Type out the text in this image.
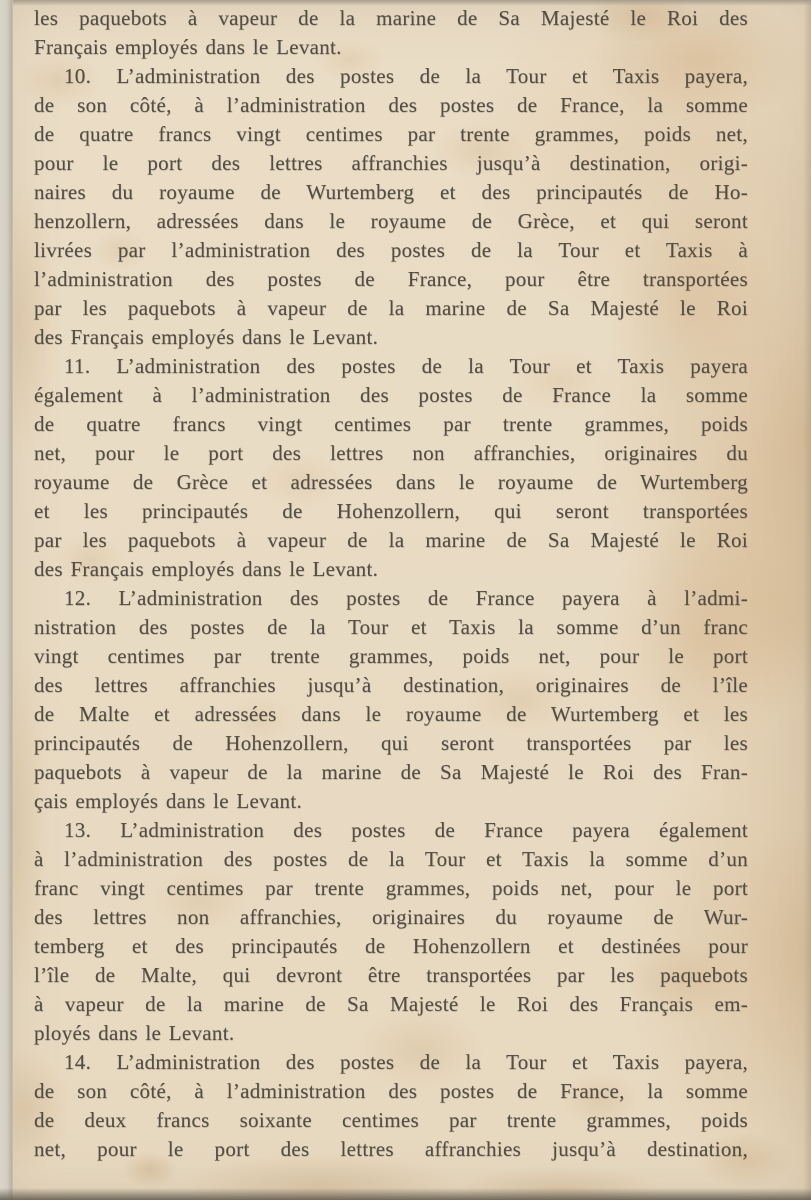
les paquebots à vapeur de la marine de Sa Majesté le Roi des
Français employés dans le Levant.
10. L’administration des postes de la Tour et Taxis payera,
de son côté, à l’administration des postes de France, la somme
de quatre francs vingt centimes par trente grammes, poids net,
pour le port des lettres affranchies jusqu’à destination, origi-
naires du royaume de Wurtemberg et des principautés de Ho-
henzollern, adressées dans le royaume de Grèce, et qui seront
livrées par l’administration des postes de la Tour et Taxis à
l’administration des postes de France, pour être transportées
par les paquebots à vapeur de la marine de Sa Majesté le Roi
des Français employés dans le Levant.
11. L’administration des postes de la Tour et Taxis payera
également à l’administration des postes de France la somme
de quatre francs vingt centimes par trente grammes, poids
net, pour le port des lettres non affranchies, originaires du
royaume de Grèce et adressées dans le royaume de Wurtemberg
et les principautés de Hohenzollern, qui seront transportées
par les paquebots à vapeur de la marine de Sa Majesté le Roi
des Français employés dans le Levant.
12. L’administration des postes de France payera à l’admi-
nistration des postes de la Tour et Taxis la somme d’un franc
vingt centimes par trente grammes, poids net, pour le port
des lettres affranchies jusqu’à destination, originaires de l’île
de Malte et adressées dans le royaume de Wurtemberg et les
principautés de Hohenzollern, qui seront transportées par les
paquebots à vapeur de la marine de Sa Majesté le Roi des Fran-
çais employés dans le Levant.
13. L’administration des postes de France payera également
à l’administration des postes de la Tour et Taxis la somme d’un
franc vingt centimes par trente grammes, poids net, pour le port
des lettres non affranchies, originaires du royaume de Wur-
temberg et des principautés de Hohenzollern et destinées pour
l’île de Malte, qui devront être transportées par les paquebots
à vapeur de la marine de Sa Majesté le Roi des Français em-
ployés dans le Levant.
14. L’administration des postes de la Tour et Taxis payera,
de son côté, à l’administration des postes de France, la somme
de deux francs soixante centimes par trente grammes, poids
net, pour le port des lettres affranchies jusqu’à destination,
